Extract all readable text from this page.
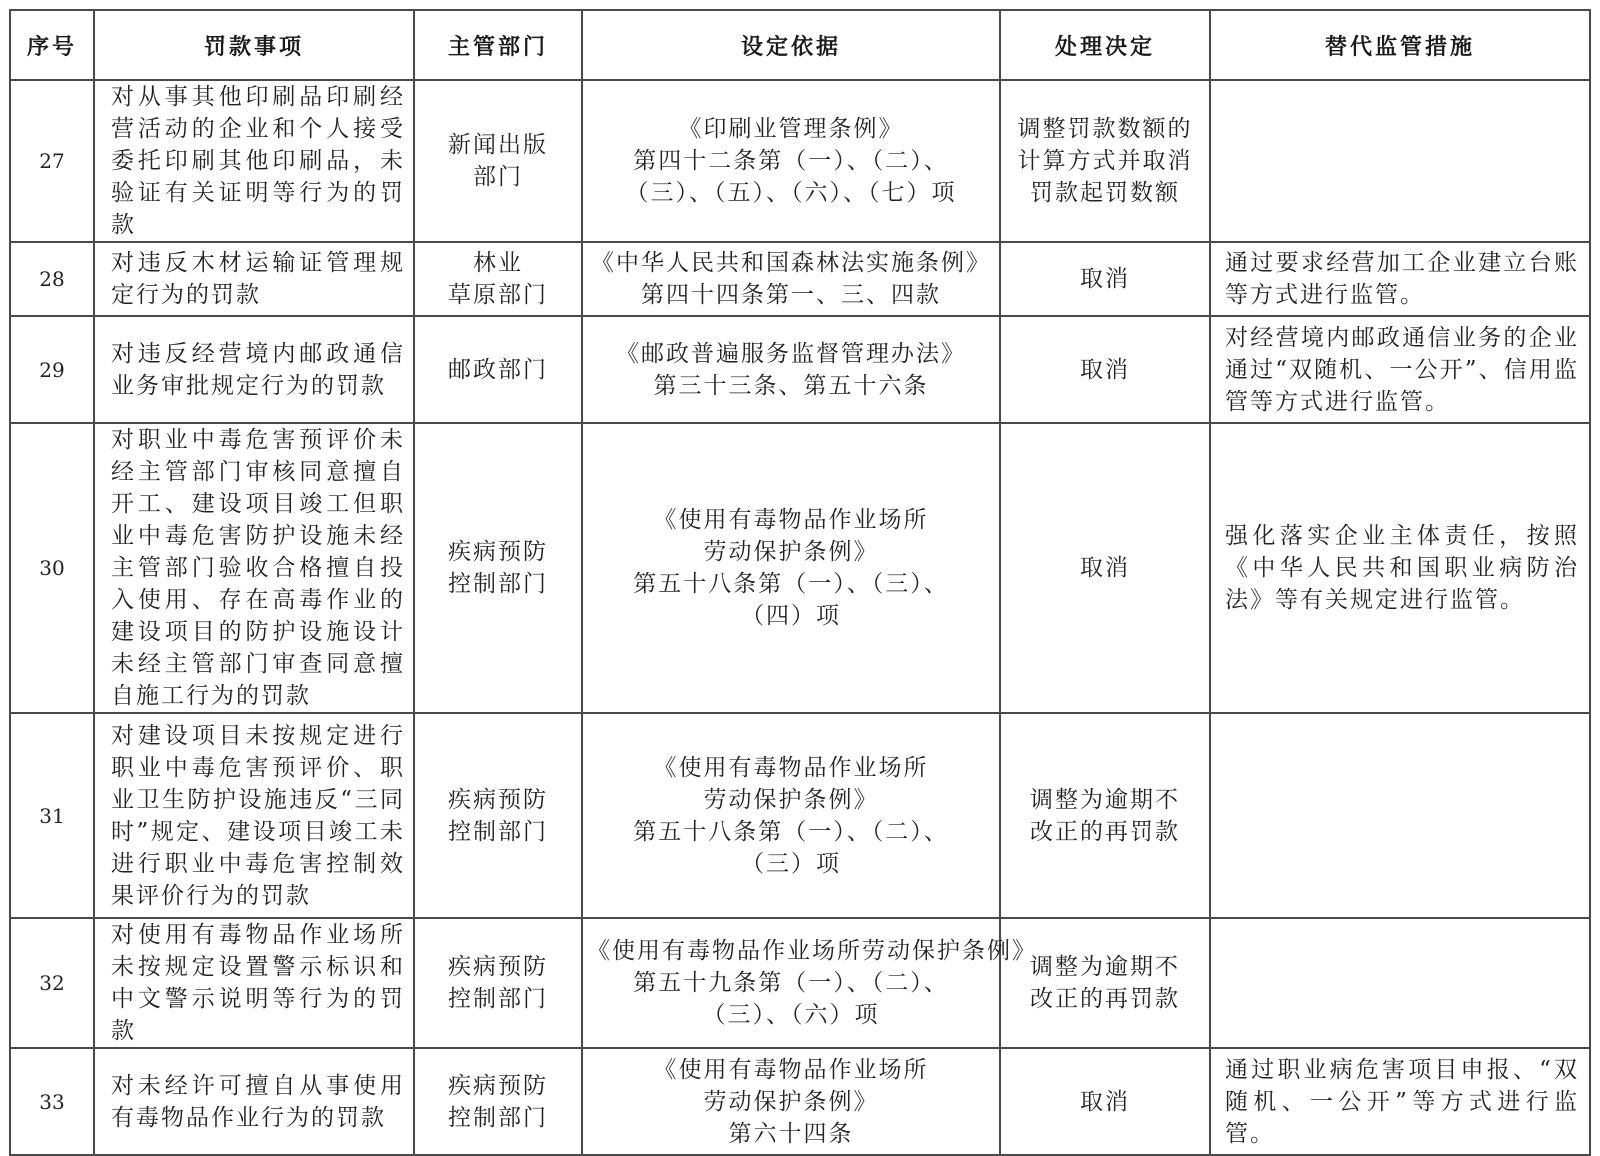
序号	罚款事项	主管部门	设定依据	处理决定	替代监管措施
27	对从事其他印刷品印刷经营活动的企业和个人接受委托印刷其他印刷品，未验证有关证明等行为的罚款	新闻出版
部门	《印刷业管理条例》
第四十二条第（一）、（二）、
（三）、（五）、（六）、（七）项	调整罚款数额的
计算方式并取消
罚款起罚数额	

28	对违反木材运输证管理规定行为的罚款	林业
草原部门	《中华人民共和国森林法实施条例》
第四十四条第一、三、四款	取消	通过要求经营加工企业建立台账等方式进行监管。
29	对违反经营境内邮政通信业务审批规定行为的罚款	邮政部门	《邮政普遍服务监督管理办法》
第三十三条、第五十六条	取消	对经营境内邮政通信业务的企业通过“双随机、一公开”、信用监管等方式进行监管。
30	对职业中毒危害预评价未经主管部门审核同意擅自开工、建设项目竣工但职业中毒危害防护设施未经主管部门验收合格擅自投入使用、存在高毒作业的建设项目的防护设施设计未经主管部门审查同意擅自施工行为的罚款	疾病预防
控制部门	《使用有毒物品作业场所
劳动保护条例》
第五十八条第（一）、（三）、
（四）项	取消	强化落实企业主体责任，按照《中华人民共和国职业病防治法》等有关规定进行监管。
31	对建设项目未按规定进行职业中毒危害预评价、职业卫生防护设施违反“三同时”规定、建设项目竣工未进行职业中毒危害控制效果评价行为的罚款	疾病预防
控制部门	《使用有毒物品作业场所
劳动保护条例》
第五十八条第（一）、（二）、
（三）项	调整为逾期不
改正的再罚款	

32	对使用有毒物品作业场所未按规定设置警示标识和中文警示说明等行为的罚款	疾病预防
控制部门	《使用有毒物品作业场所劳动保护条例》
第五十九条第（一）、（二）、
（三）、（六）项	调整为逾期不
改正的再罚款	

33	对未经许可擅自从事使用有毒物品作业行为的罚款	疾病预防
控制部门	《使用有毒物品作业场所
劳动保护条例》
第六十四条	取消	通过职业病危害项目申报、“双随机、一公开”等方式进行监管。
